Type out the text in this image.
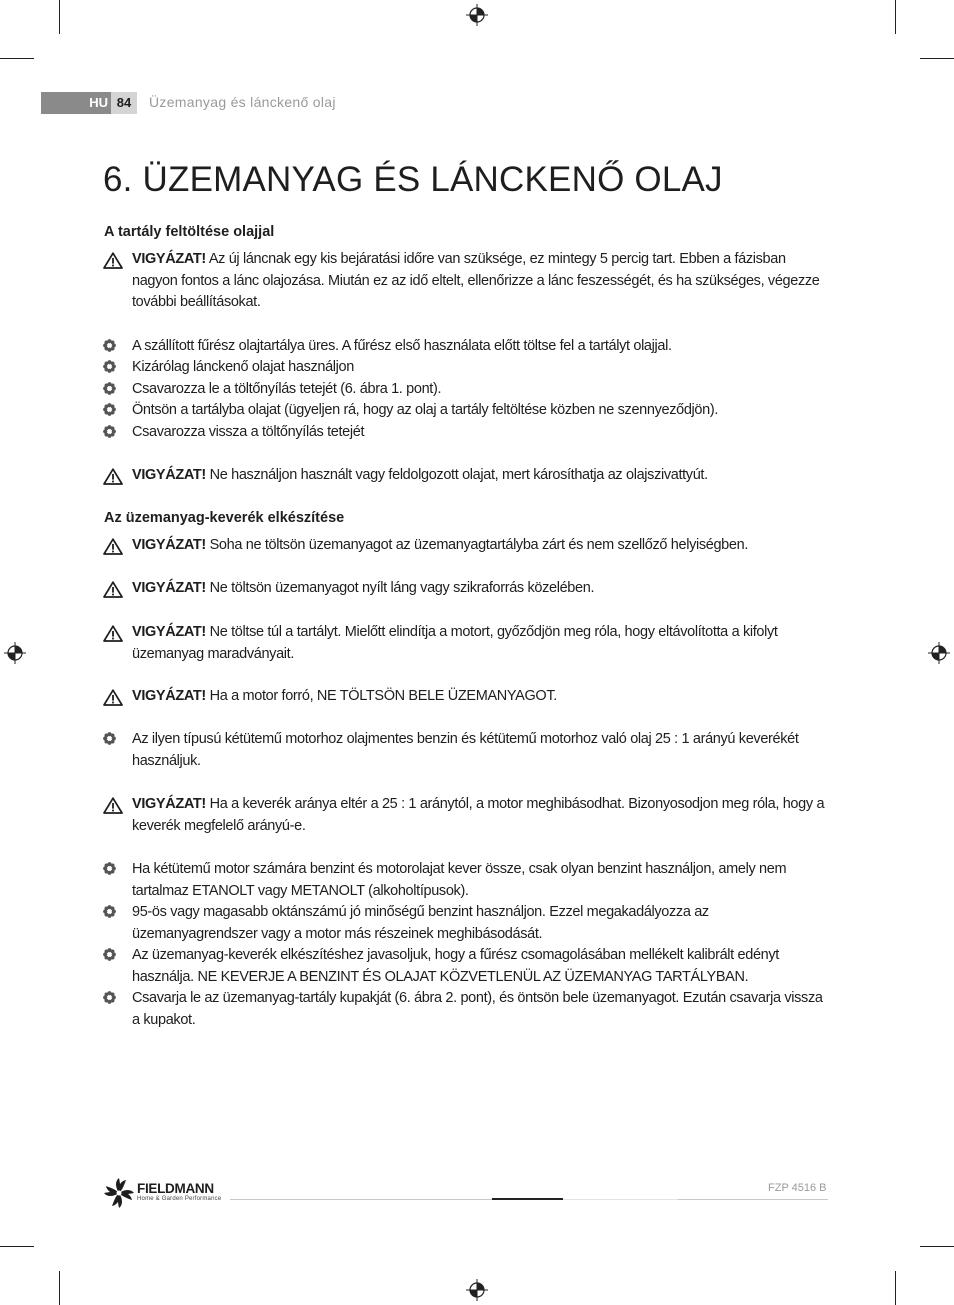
HU 84	Üzemanyag és lánckenő olaj
6. ÜZEMANYAG ÉS LÁNCKENŐ OLAJ
A tartály feltöltése olajjal
VIGYÁZAT! Az új láncnak egy kis bejáratási időre van szüksége, ez mintegy 5 percig tart. Ebben a fázisban nagyon fontos a lánc olajozása. Miután ez az idő eltelt, ellenőrizze a lánc feszességét, és ha szükséges, végezze további beállításokat.
A szállított fűrész olajtartálya üres. A fűrész első használata előtt töltse fel a tartályt olajjal.
Kizárólag lánckenő olajat használjon
Csavarozza le a töltőnyílás tetejét (6. ábra 1. pont).
Öntsön a tartályba olajat (ügyeljen rá, hogy az olaj a tartály feltöltése közben ne szennyeződjön).
Csavarozza vissza a töltőnyílás tetejét
VIGYÁZAT! Ne használjon használt vagy feldolgozott olajat, mert károsíthatja az olajszivattyút.
Az üzemanyag-keverék elkészítése
VIGYÁZAT! Soha ne töltsön üzemanyagot az üzemanyagtartályba zárt és nem szellőző helyiségben.
VIGYÁZAT! Ne töltsön üzemanyagot nyílt láng vagy szikraforrás közelében.
VIGYÁZAT! Ne töltse túl a tartályt. Mielőtt elindítja a motort, győződjön meg róla, hogy eltávolította a kifolyt üzemanyag maradványait.
VIGYÁZAT! Ha a motor forró, NE TÖLTSÖN BELE ÜZEMANYAGOT.
Az ilyen típusú kétütemű motorhoz olajmentes benzin és kétütemű motorhoz való olaj 25 : 1 arányú keverékét használjuk.
VIGYÁZAT! Ha a keverék aránya eltér a 25 : 1 aránytól, a motor meghibásodhat. Bizonyosodjon meg róla, hogy a keverék megfelelő arányú-e.
Ha kétütemű motor számára benzint és motorolajat kever össze, csak olyan benzint használjon, amely nem tartalmaz ETANOLT vagy METANOLT (alkoholtípusok).
95-ös vagy magasabb oktánszámú jó minőségű benzint használjon. Ezzel megakadályozza az üzemanyagrendszer vagy a motor más részeinek meghibásodását.
Az üzemanyag-keverék elkészítéshez javasoljuk, hogy a fűrész csomagolásában mellékelt kalibrált edényt használja. NE KEVERJE A BENZINT ÉS OLAJAT KÖZVETLENÜL AZ ÜZEMANYAG TARTÁLYBAN.
Csavarja le az üzemanyag-tartály kupakját (6. ábra 2. pont), és öntsön bele üzemanyagot. Ezután csavarja vissza a kupakot.
FIELDMANN
Home & Garden Performance
FZP 4516 B
